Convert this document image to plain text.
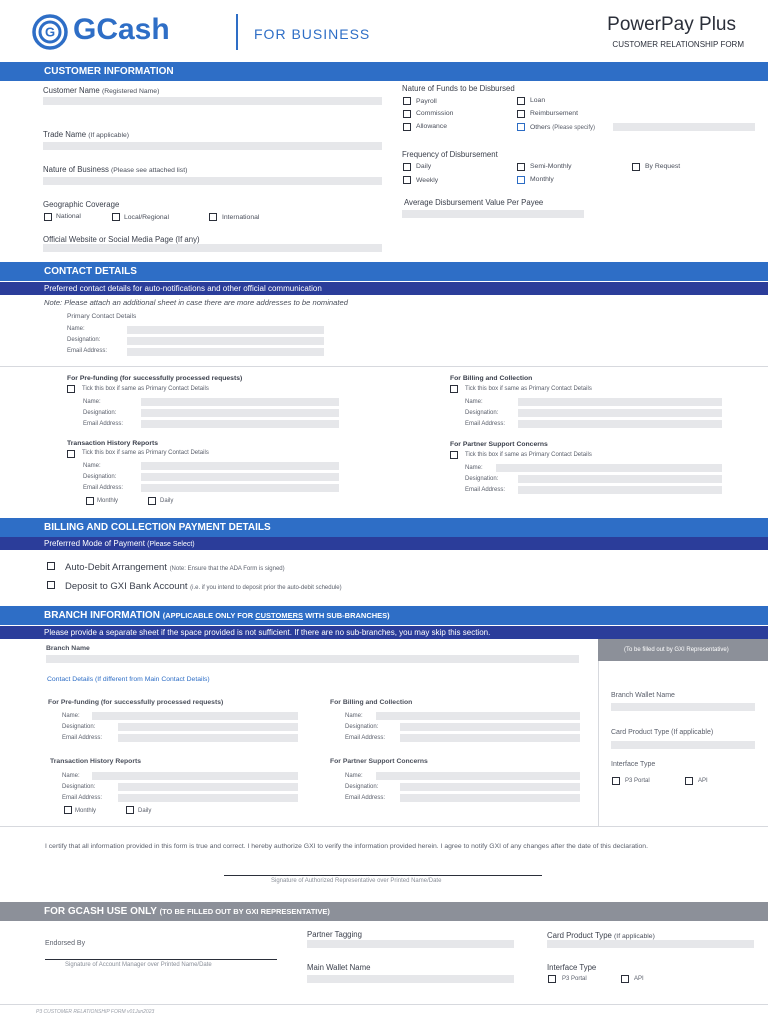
G GCash	FOR BUSINESS	PowerPay Plus
CUSTOMER RELATIONSHIP FORM
CUSTOMER INFORMATION
Customer Name (Registered Name)
Trade Name (If applicable)
Nature of Business (Please see attached list)
Geographic Coverage
National	Local/Regional	International
Official Website or Social Media Page (If any)
Nature of Funds to be Disbursed
Payroll	Loan
Commission	Reimbursement
Allowance	Others (Please specify)
Frequency of Disbursement
Daily	Semi-Monthly	By Request
Weekly	Monthly
Average Disbursement Value Per Payee
CONTACT DETAILS
Preferred contact details for auto-notifications and other official communication
Note: Please attach an additional sheet in case there are more addresses to be nominated
Primary Contact Details
Name:
Designation:
Email Address:
For Pre-funding (for successfully processed requests)
Tick this box if same as Primary Contact Details
Name:
Designation:
Email Address:
For Billing and Collection
Tick this box if same as Primary Contact Details
Name:
Designation:
Email Address:
Transaction History Reports
Tick this box if same as Primary Contact Details
Name:
Designation:
Email Address:
Monthly	Daily
For Partner Support Concerns
Tick this box if same as Primary Contact Details
Name:
Designation:
Email Address:
BILLING AND COLLECTION PAYMENT DETAILS
Preferrred Mode of Payment (Please Select)
Auto-Debit Arrangement (Note: Ensure that the ADA Form is signed)
Deposit to GXI Bank Account (i.e. if you intend to deposit prior the auto-debit schedule)
BRANCH INFORMATION (APPLICABLE ONLY FOR CUSTOMERS WITH SUB-BRANCHES)
Please provide a separate sheet if the space provided is not sufficient. If there are no sub-branches, you may skip this section.
Branch Name	(To be filled out by GXI Representative)
Contact Details (If different from Main Contact Details)
Branch Wallet Name
Card Product Type (If applicable)
Interface Type
P3 Portal	API
For Pre-funding (for successfully processed requests)
Name:
Designation:
Email Address:
For Billing and Collection
Name:
Designation:
Email Address:
Transaction History Reports
Name:
Designation:
Email Address:
Monthly	Daily
For Partner Support Concerns
Name:
Designation:
Email Address:
I certify that all information provided in this form is true and correct. I hereby authorize GXI to verify the information provided herein. I agree to notify GXI of any changes after the date of this declaration.
Signature of Authorized Representative over Printed Name/Date
FOR GCASH USE ONLY (TO BE FILLED OUT BY GXI REPRESENTATIVE)
Endorsed By
Signature of Account Manager over Printed Name/Date
Partner Tagging
Main Wallet Name
Card Product Type (If applicable)
Interface Type
P3 Portal	API
P3 CUSTOMER RELATIONSHIP FORM v01Jun2023
